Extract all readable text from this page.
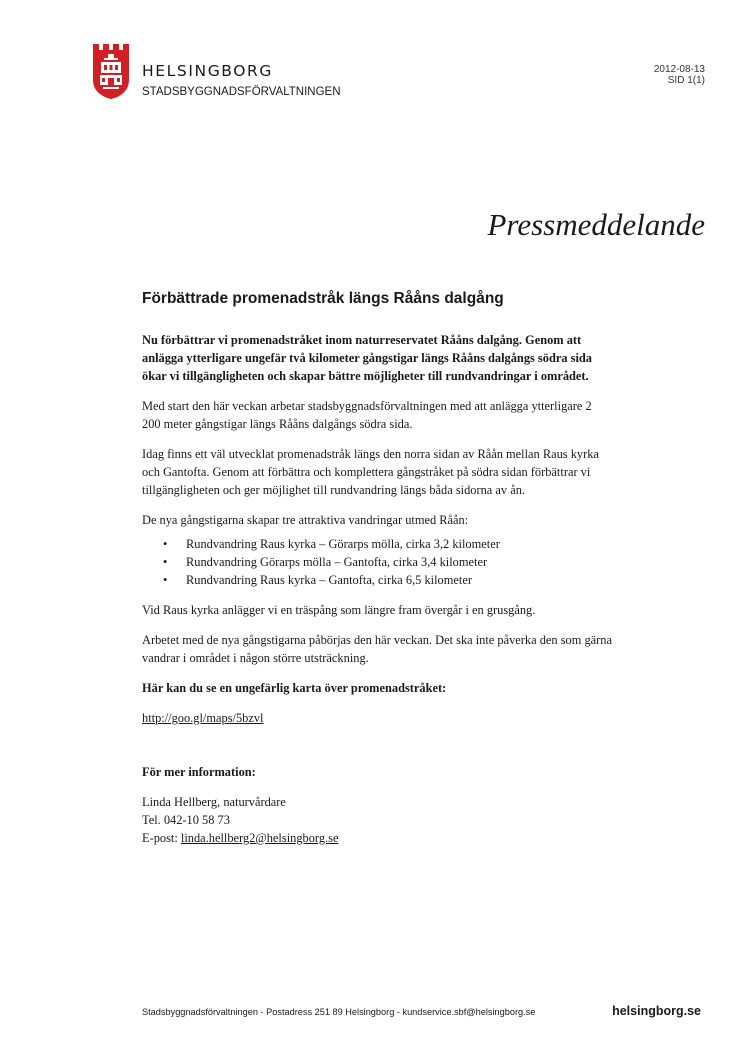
HELSINGBORG
STADSBYGGNADSFÖRVALTNINGEN
2012-08-13
SID 1(1)
Pressmeddelande
Förbättrade promenadstråk längs Rååns dalgång

Nu förbättrar vi promenadstråket inom naturreservatet Rååns dalgång. Genom att anlägga ytterligare ungefär två kilometer gångstigar längs Rååns dalgångs södra sida ökar vi tillgängligheten och skapar bättre möjligheter till rundvandringar i området.

Med start den här veckan arbetar stadsbyggnadsförvaltningen med att anlägga ytterligare 2 200 meter gångstigar längs Rååns dalgångs södra sida.

Idag finns ett väl utvecklat promenadstråk längs den norra sidan av Råån mellan Raus kyrka och Gantofta. Genom att förbättra och komplettera gångstråket på södra sidan förbättrar vi tillgängligheten och ger möjlighet till rundvandring längs båda sidorna av ån.

De nya gångstigarna skapar tre attraktiva vandringar utmed Råån:

• Rundvandring Raus kyrka – Görarps mölla, cirka 3,2 kilometer
• Rundvandring Görarps mölla – Gantofta, cirka 3,4 kilometer
• Rundvandring Raus kyrka – Gantofta, cirka 6,5 kilometer

Vid Raus kyrka anlägger vi en träspång som längre fram övergår i en grusgång.

Arbetet med de nya gångstigarna påbörjas den här veckan. Det ska inte påverka den som gärna vandrar i området i någon större utsträckning.

Här kan du se en ungefärlig karta över promenadstråket:

http://goo.gl/maps/5bzvl

För mer information:

Linda Hellberg, naturvårdare
Tel. 042-10 58 73
E-post: linda.hellberg2@helsingborg.se
Stadsbyggnadsförvaltningen - Postadress 251 89 Helsingborg - kundservice.sbf@helsingborg.se	helsingborg.se
